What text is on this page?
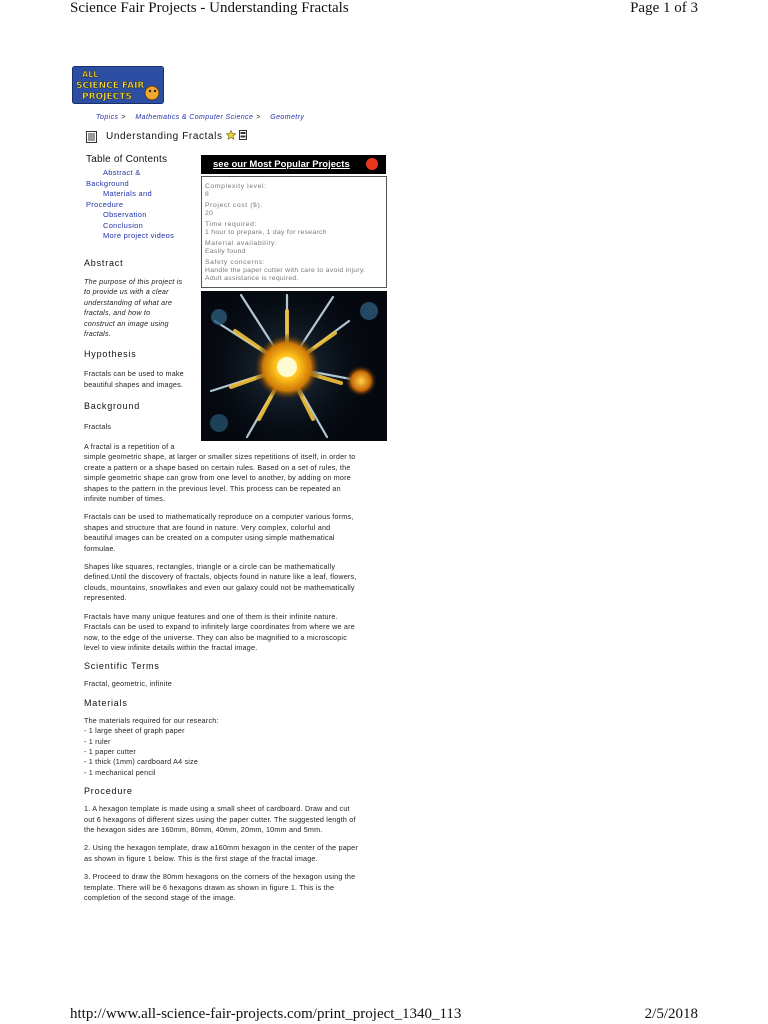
Science Fair Projects - Understanding Fractals	Page 1 of 3
ALL
SCIENCE FAIR
PROJECTS
Topics > Mathematics & Computer Science > Geometry
Understanding Fractals
Table of Contents
Abstract &
Background
Materials and
Procedure
Observation
Conclusion
More project videos
see our Most Popular Projects
Complexity level:
8
Project cost ($):
20
Time required:
1 hour to prepare, 1 day for research
Material availability:
Easily found
Safety concerns:
Handle the paper cutter with care to avoid injury.
Adult assistance is required.
Abstract
The purpose of this project is
to provide us with a clear
understanding of what are
fractals, and how to
construct an image using
fractals.
Hypothesis
Fractals can be used to make
beautiful shapes and images.
Background
Fractals

A fractal is a repetition of a
simple geometric shape, at larger or smaller sizes repetitions of itself, in order to
create a pattern or a shape based on certain rules. Based on a set of rules, the
simple geometric shape can grow from one level to another, by adding on more
shapes to the pattern in the previous level. This process can be repeated an
infinite number of times.

Fractals can be used to mathematically reproduce on a computer various forms,
shapes and structure that are found in nature. Very complex, colorful and
beautiful images can be created on a computer using simple mathematical
formulae.

Shapes like squares, rectangles, triangle or a circle can be mathematically
defined.Until the discovery of fractals, objects found in nature like a leaf, flowers,
clouds, mountains, snowflakes and even our galaxy could not be mathematically
represented.

Fractals have many unique features and one of them is their infinite nature.
Fractals can be used to expand to infinitely large coordinates from where we are
now, to the edge of the universe. They can also be magnified to a microscopic
level to view infinite details within the fractal image.

Scientific Terms

Fractal, geometric, infinite

Materials

The materials required for our research:
- 1 large sheet of graph paper
- 1 ruler
- 1 paper cutter
- 1 thick (1mm) cardboard A4 size
- 1 mechanical pencil

Procedure

1. A hexagon template is made using a small sheet of cardboard. Draw and cut
out 6 hexagons of different sizes using the paper cutter. The suggested length of
the hexagon sides are 160mm, 80mm, 40mm, 20mm, 10mm and 5mm.

2. Using the hexagon template, draw a160mm hexagon in the center of the paper
as shown in figure 1 below. This is the first stage of the fractal image.

3. Proceed to draw the 80mm hexagons on the corners of the hexagon using the
template. There will be 6 hexagons drawn as shown in figure 1. This is the
completion of the second stage of the image.

http://www.all-science-fair-projects.com/print_project_1340_113	2/5/2018
